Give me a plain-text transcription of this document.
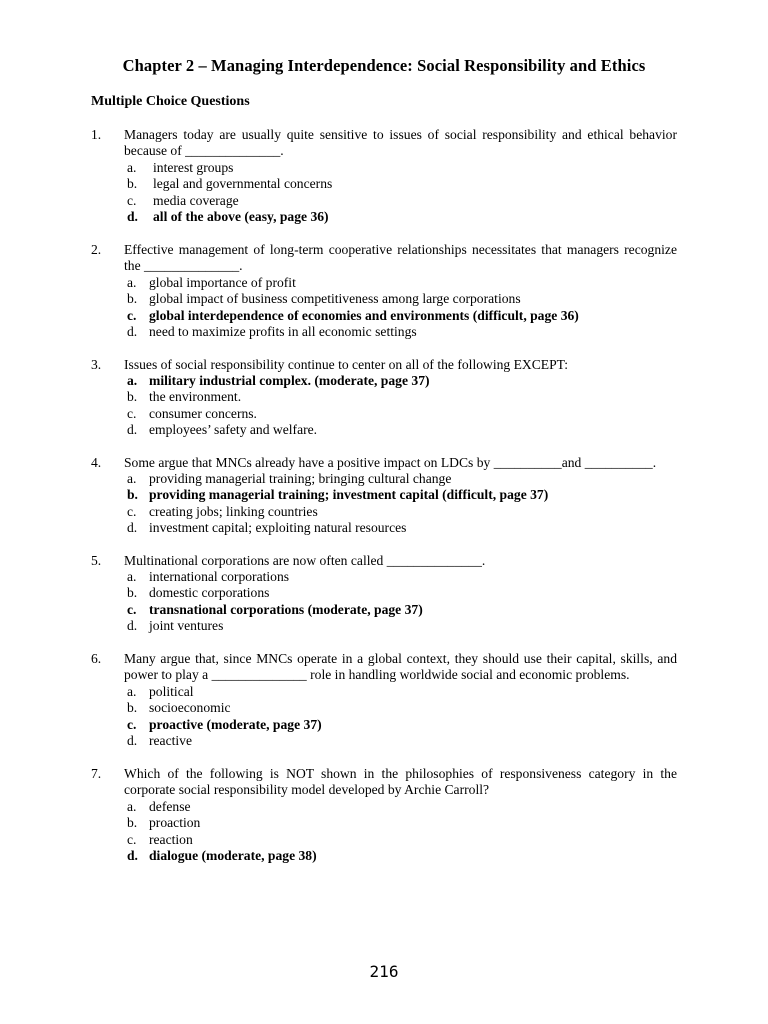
Chapter 2 – Managing Interdependence: Social Responsibility and Ethics
Multiple Choice Questions
1. Managers today are usually quite sensitive to issues of social responsibility and ethical behavior because of ______________.
a. interest groups
b. legal and governmental concerns
c. media coverage
d. all of the above (easy, page 36)
2. Effective management of long-term cooperative relationships necessitates that managers recognize the ______________.
a. global importance of profit
b. global impact of business competitiveness among large corporations
c. global interdependence of economies and environments (difficult, page 36)
d. need to maximize profits in all economic settings
3. Issues of social responsibility continue to center on all of the following EXCEPT:
a. military industrial complex. (moderate, page 37)
b. the environment.
c. consumer concerns.
d. employees’ safety and welfare.
4. Some argue that MNCs already have a positive impact on LDCs by __________and __________.
a. providing managerial training; bringing cultural change
b. providing managerial training; investment capital (difficult, page 37)
c. creating jobs; linking countries
d. investment capital; exploiting natural resources
5. Multinational corporations are now often called ______________.
a. international corporations
b. domestic corporations
c. transnational corporations (moderate, page 37)
d. joint ventures
6. Many argue that, since MNCs operate in a global context, they should use their capital, skills, and power to play a ______________ role in handling worldwide social and economic problems.
a. political
b. socioeconomic
c. proactive (moderate, page 37)
d. reactive
7. Which of the following is NOT shown in the philosophies of responsiveness category in the corporate social responsibility model developed by Archie Carroll?
a. defense
b. proaction
c. reaction
d. dialogue (moderate, page 38)
216
